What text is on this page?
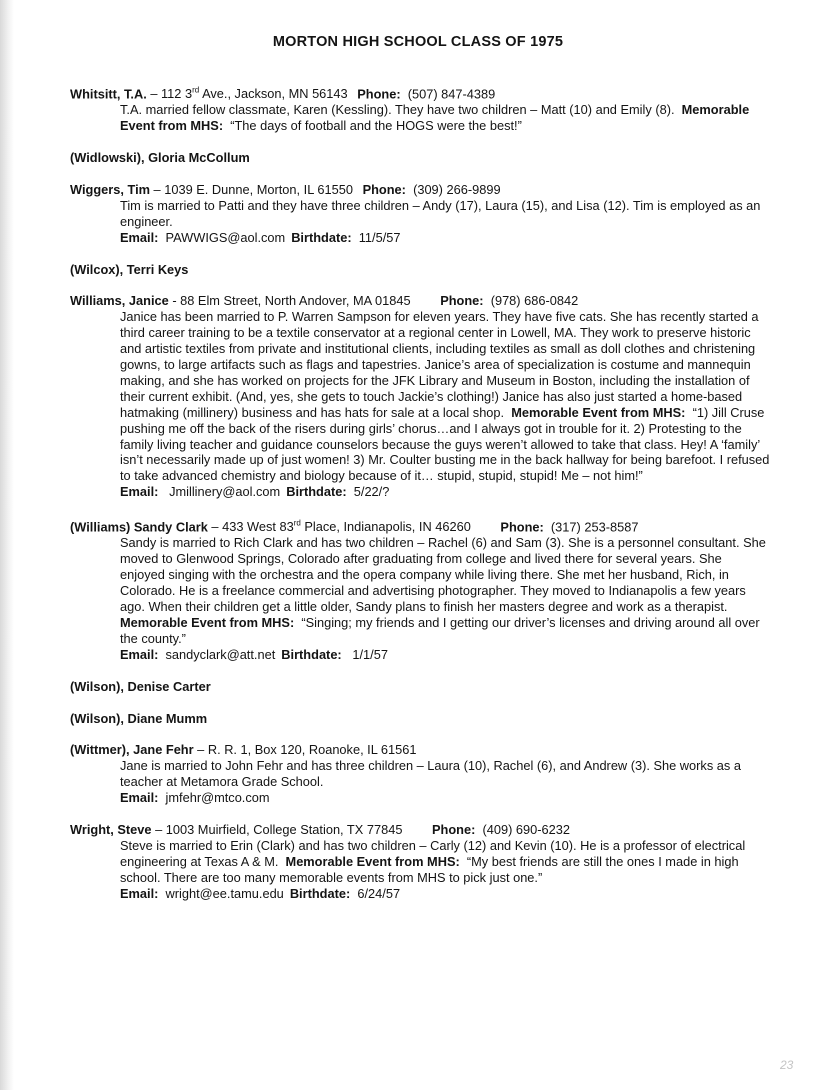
MORTON HIGH SCHOOL CLASS OF 1975
Whitsitt, T.A. – 112 3rd Ave., Jackson, MN 56143 Phone: (507) 847-4389
T.A. married fellow classmate, Karen (Kessling). They have two children – Matt (10) and Emily (8). Memorable Event from MHS: “The days of football and the HOGS were the best!”
(Widlowski), Gloria McCollum
Wiggers, Tim – 1039 E. Dunne, Morton, IL 61550 Phone: (309) 266-9899
Tim is married to Patti and they have three children – Andy (17), Laura (15), and Lisa (12). Tim is employed as an engineer.
Email: PAWWIGS@aol.com Birthdate: 11/5/57
(Wilcox), Terri Keys
Williams, Janice - 88 Elm Street, North Andover, MA 01845 Phone: (978) 686-0842
Janice has been married to P. Warren Sampson for eleven years. They have five cats. She has recently started a third career training to be a textile conservator at a regional center in Lowell, MA. They work to preserve historic and artistic textiles from private and institutional clients, including textiles as small as doll clothes and christening gowns, to large artifacts such as flags and tapestries. Janice’s area of specialization is costume and mannequin making, and she has worked on projects for the JFK Library and Museum in Boston, including the installation of their current exhibit. (And, yes, she gets to touch Jackie’s clothing!) Janice has also just started a home-based hatmaking (millinery) business and has hats for sale at a local shop. Memorable Event from MHS: “1) Jill Cruse pushing me off the back of the risers during girls’ chorus…and I always got in trouble for it. 2) Protesting to the family living teacher and guidance counselors because the guys weren’t allowed to take that class. Hey! A ‘family’ isn’t necessarily made up of just women! 3) Mr. Coulter busting me in the back hallway for being barefoot. I refused to take advanced chemistry and biology because of it… stupid, stupid, stupid! Me – not him!”
Email: Jmillinery@aol.com Birthdate: 5/22/?
(Williams) Sandy Clark – 433 West 83rd Place, Indianapolis, IN 46260 Phone: (317) 253-8587
Sandy is married to Rich Clark and has two children – Rachel (6) and Sam (3). She is a personnel consultant. She moved to Glenwood Springs, Colorado after graduating from college and lived there for several years. She enjoyed singing with the orchestra and the opera company while living there. She met her husband, Rich, in Colorado. He is a freelance commercial and advertising photographer. They moved to Indianapolis a few years ago. When their children get a little older, Sandy plans to finish her masters degree and work as a therapist.
Memorable Event from MHS: “Singing; my friends and I getting our driver’s licenses and driving around all over the county.”
Email: sandyclark@att.net Birthdate: 1/1/57
(Wilson), Denise Carter
(Wilson), Diane Mumm
(Wittmer), Jane Fehr – R. R. 1, Box 120, Roanoke, IL 61561
Jane is married to John Fehr and has three children – Laura (10), Rachel (6), and Andrew (3). She works as a teacher at Metamora Grade School.
Email: jmfehr@mtco.com
Wright, Steve – 1003 Muirfield, College Station, TX 77845 Phone: (409) 690-6232
Steve is married to Erin (Clark) and has two children – Carly (12) and Kevin (10). He is a professor of electrical engineering at Texas A & M. Memorable Event from MHS: “My best friends are still the ones I made in high school. There are too many memorable events from MHS to pick just one.”
Email: wright@ee.tamu.edu Birthdate: 6/24/57
23
